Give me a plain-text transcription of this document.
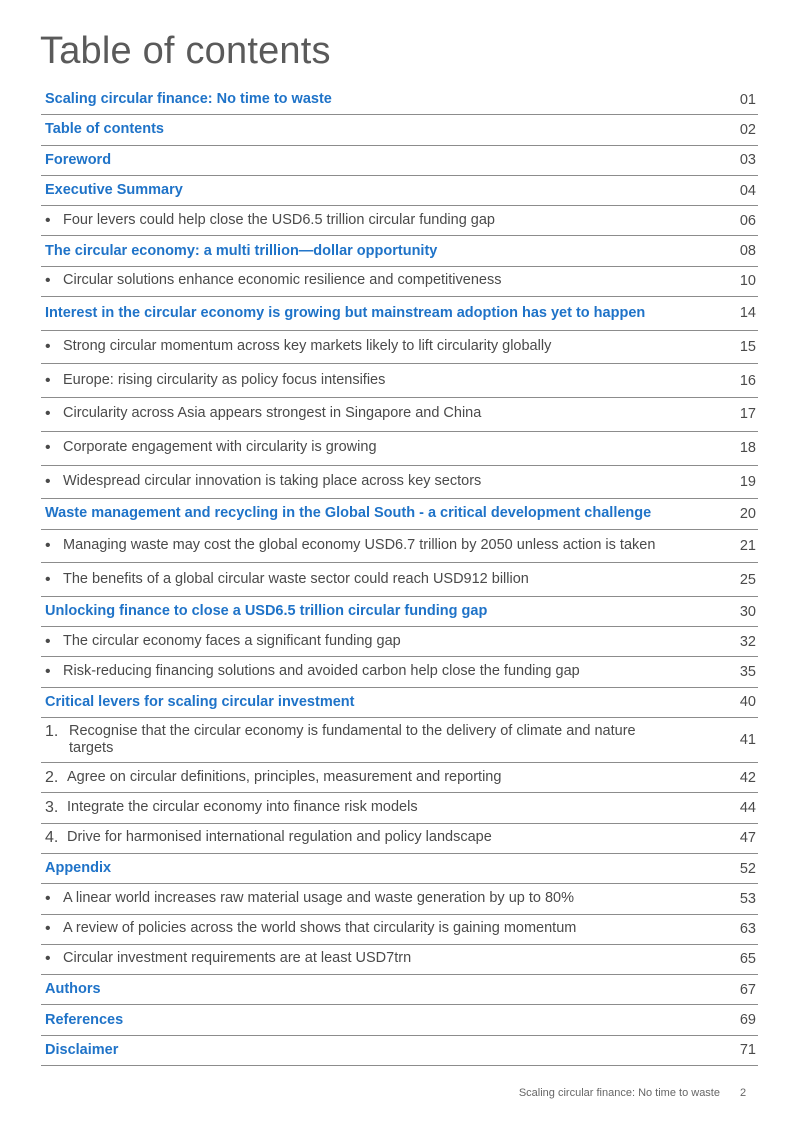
Table of contents
Scaling circular finance: No time to waste	01
Table of contents	02
Foreword	03
Executive Summary	04
• Four levers could help close the USD6.5 trillion circular funding gap	06
The circular economy: a multi trillion—dollar opportunity	08
• Circular solutions enhance economic resilience and competitiveness	10
Interest in the circular economy is growing but mainstream adoption has yet to happen	14
• Strong circular momentum across key markets likely to lift circularity globally	15
• Europe: rising circularity as policy focus intensifies	16
• Circularity across Asia appears strongest in Singapore and China	17
• Corporate engagement with circularity is growing	18
• Widespread circular innovation is taking place across key sectors	19
Waste management and recycling in the Global South - a critical development challenge	20
• Managing waste may cost the global economy USD6.7 trillion by 2050 unless action is taken	21
• The benefits of a global circular waste sector could reach USD912 billion	25
Unlocking finance to close a USD6.5 trillion circular funding gap	30
• The circular economy faces a significant funding gap	32
• Risk-reducing financing solutions and avoided carbon help close the funding gap	35
Critical levers for scaling circular investment	40
1. Recognise that the circular economy is fundamental to the delivery of climate and nature targets	41
2. Agree on circular definitions, principles, measurement and reporting	42
3. Integrate the circular economy into finance risk models	44
4. Drive for harmonised international regulation and policy landscape	47
Appendix	52
• A linear world increases raw material usage and waste generation by up to 80%	53
• A review of policies across the world shows that circularity is gaining momentum	63
• Circular investment requirements are at least USD7trn	65
Authors	67
References	69
Disclaimer	71
Scaling circular finance: No time to waste 2
